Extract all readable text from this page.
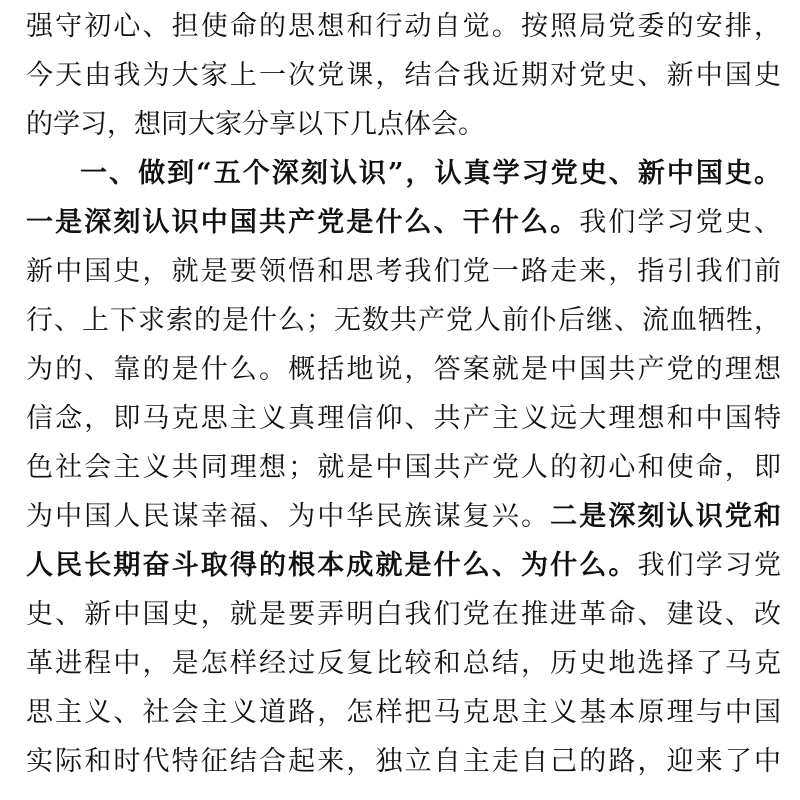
强守初心、担使命的思想和行动自觉。按照局党委的安排，
今天由我为大家上一次党课，结合我近期对党史、新中国史
的学习，想同大家分享以下几点体会。
一、做到“五个深刻认识”，认真学习党史、新中国史。
一是深刻认识中国共产党是什么、干什么。我们学习党史、
新中国史，就是要领悟和思考我们党一路走来，指引我们前
行、上下求索的是什么；无数共产党人前仆后继、流血牺牲，
为的、靠的是什么。概括地说，答案就是中国共产党的理想
信念，即马克思主义真理信仰、共产主义远大理想和中国特
色社会主义共同理想；就是中国共产党人的初心和使命，即
为中国人民谋幸福、为中华民族谋复兴。二是深刻认识党和
人民长期奋斗取得的根本成就是什么、为什么。我们学习党
史、新中国史，就是要弄明白我们党在推进革命、建设、改
革进程中，是怎样经过反复比较和总结，历史地选择了马克
思主义、社会主义道路，怎样把马克思主义基本原理与中国
实际和时代特征结合起来，独立自主走自己的路，迎来了中
